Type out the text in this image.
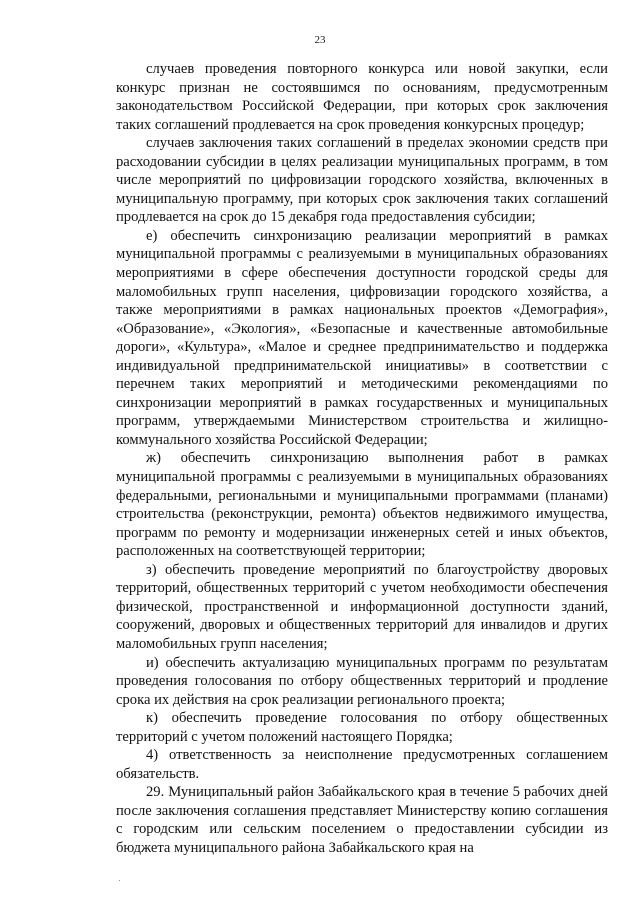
23

случаев проведения повторного конкурса или новой закупки, если конкурс признан не состоявшимся по основаниям, предусмотренным законодательством Российской Федерации, при которых срок заключения таких соглашений продлевается на срок проведения конкурсных процедур;

случаев заключения таких соглашений в пределах экономии средств при расходовании субсидии в целях реализации муниципальных программ, в том числе мероприятий по цифровизации городского хозяйства, включенных в муниципальную программу, при которых срок заключения таких соглашений продлевается на срок до 15 декабря года предоставления субсидии;

е) обеспечить синхронизацию реализации мероприятий в рамках муниципальной программы с реализуемыми в муниципальных образованиях мероприятиями в сфере обеспечения доступности городской среды для маломобильных групп населения, цифровизации городского хозяйства, а также мероприятиями в рамках национальных проектов «Демография», «Образование», «Экология», «Безопасные и качественные автомобильные дороги», «Культура», «Малое и среднее предпринимательство и поддержка индивидуальной предпринимательской инициативы» в соответствии с перечнем таких мероприятий и методическими рекомендациями по синхронизации мероприятий в рамках государственных и муниципальных программ, утверждаемыми Министерством строительства и жилищно-коммунального хозяйства Российской Федерации;

ж) обеспечить синхронизацию выполнения работ в рамках муниципальной программы с реализуемыми в муниципальных образованиях федеральными, региональными и муниципальными программами (планами) строительства (реконструкции, ремонта) объектов недвижимого имущества, программ по ремонту и модернизации инженерных сетей и иных объектов, расположенных на соответствующей территории;

з) обеспечить проведение мероприятий по благоустройству дворовых территорий, общественных территорий с учетом необходимости обеспечения физической, пространственной и информационной доступности зданий, сооружений, дворовых и общественных территорий для инвалидов и других маломобильных групп населения;

и) обеспечить актуализацию муниципальных программ по результатам проведения голосования по отбору общественных территорий и продление срока их действия на срок реализации регионального проекта;

к) обеспечить проведение голосования по отбору общественных территорий с учетом положений настоящего Порядка;

4) ответственность за неисполнение предусмотренных соглашением обязательств.

29. Муниципальный район Забайкальского края в течение 5 рабочих дней после заключения соглашения представляет Министерству копию соглашения с городским или сельским поселением о предоставлении субсидии из бюджета муниципального района Забайкальского края на
